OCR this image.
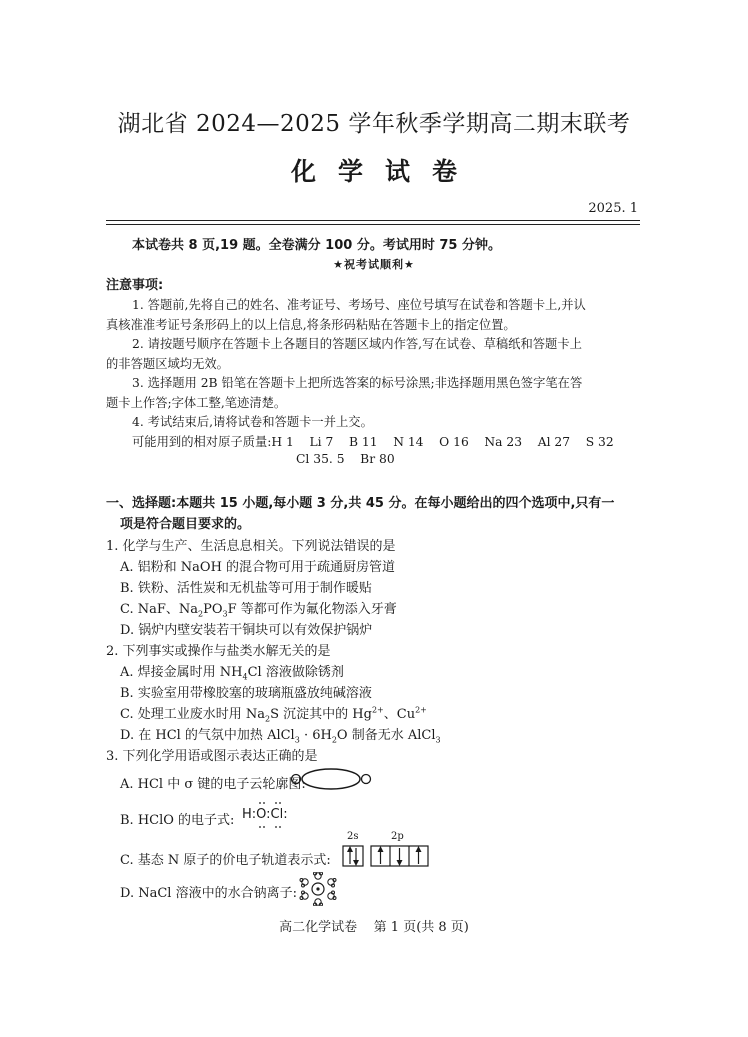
湖北省 2024—2025 学年秋季学期高二期末联考
化学试卷
2025. 1
本试卷共 8 页,19 题。全卷满分 100 分。考试用时 75 分钟。
★祝考试顺利★
注意事项:
1. 答题前,先将自己的姓名、准考证号、考场号、座位号填写在试卷和答题卡上,并认
真核准准考证号条形码上的以上信息,将条形码粘贴在答题卡上的指定位置。
2. 请按题号顺序在答题卡上各题目的答题区域内作答,写在试卷、草稿纸和答题卡上
的非答题区域均无效。
3. 选择题用 2B 铅笔在答题卡上把所选答案的标号涂黑;非选择题用黑色签字笔在答
题卡上作答;字体工整,笔迹清楚。
4. 考试结束后,请将试卷和答题卡一并上交。
可能用到的相对原子质量:H 1    Li 7    B 11    N 14    O 16    Na 23    Al 27    S 32
Cl 35. 5    Br 80
一、选择题:本题共 15 小题,每小题 3 分,共 45 分。在每小题给出的四个选项中,只有一
项是符合题目要求的。
1. 化学与生产、生活息息相关。下列说法错误的是
A. 铝粉和 NaOH 的混合物可用于疏通厨房管道
B. 铁粉、活性炭和无机盐等可用于制作暖贴
C. NaF、$Na_2PO_3F$ 等都可作为氟化物添入牙膏
D. 锅炉内壁安装若干铜块可以有效保护锅炉
2. 下列事实或操作与盐类水解无关的是
A. 焊接金属时用 $NH_4Cl$ 溶液做除锈剂
B. 实验室用带橡胶塞的玻璃瓶盛放纯碱溶液
C. 处理工业废水时用 $Na_2S$ 沉淀其中的 $Hg^{2+}$、$Cu^{2+}$
D. 在 HCl 的气氛中加热 AlCl$_3$ · $6H_2O$ 制备无水 AlCl$_3$
3. 下列化学用语或图示表达正确的是
A. HCl 中 σ 键的电子云轮廓图:
B. HClO 的电子式: H:O:Cl:
C. 基态 N 原子的价电子轨道表示式:
2s	2p
D. NaCl 溶液中的水合钠离子:
高二化学试卷    第 1 页(共 8 页)
